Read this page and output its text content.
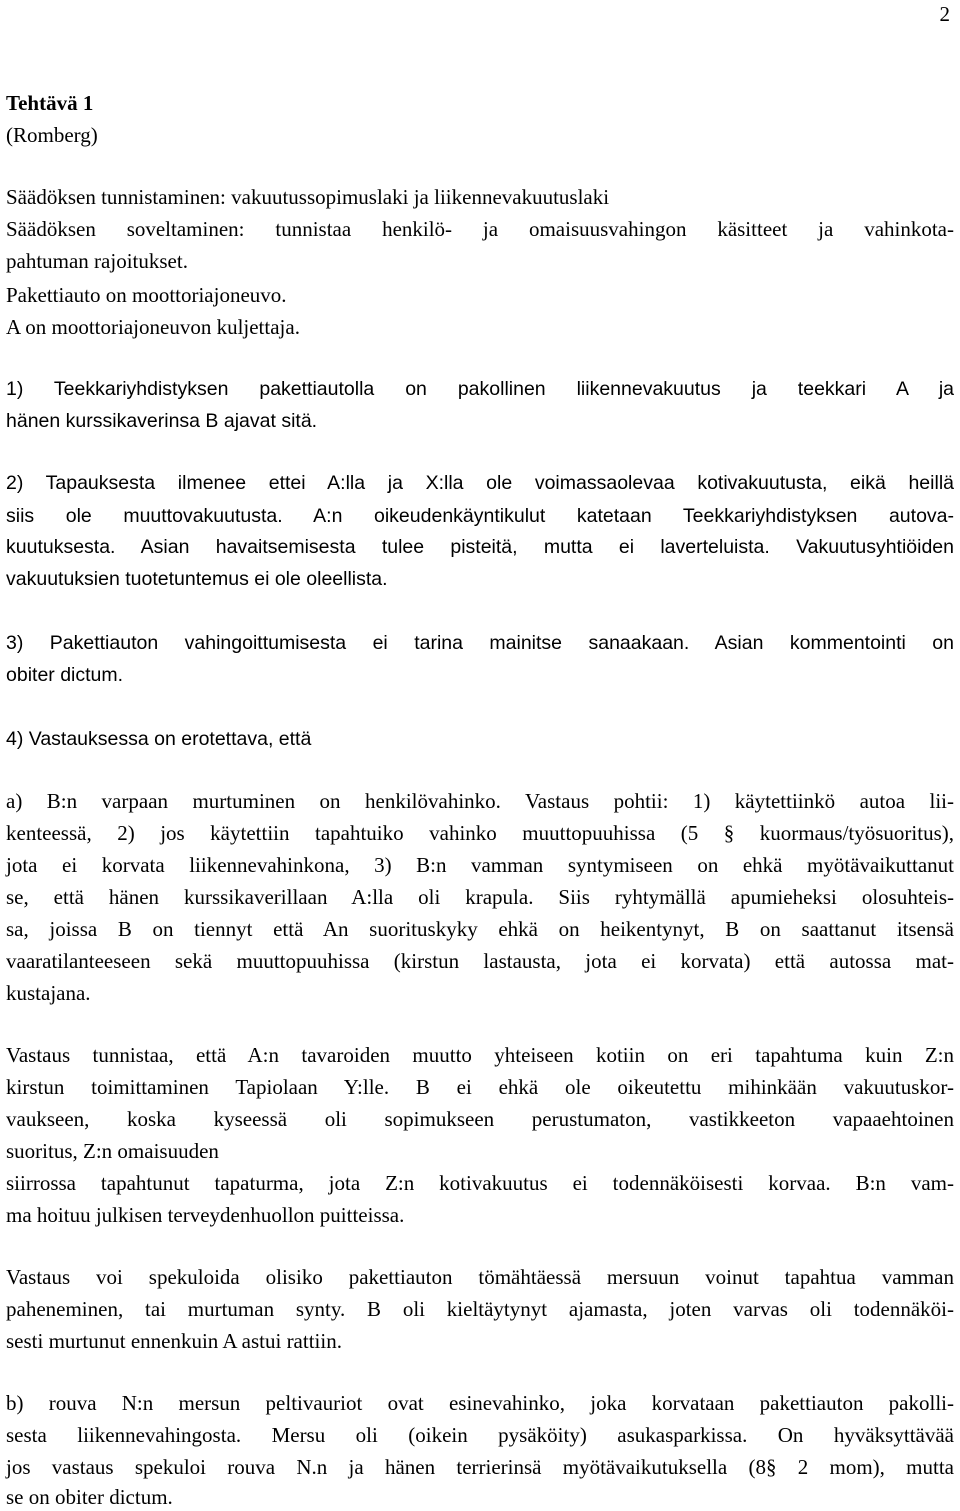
2
Tehtävä 1
(Romberg)
Säädöksen tunnistaminen: vakuutussopimuslaki ja liikennevakuutuslaki
Säädöksen soveltaminen: tunnistaa henkilö- ja omaisuusvahingon käsitteet ja vahinkota-
pahtuman rajoitukset.
Pakettiauto on moottoriajoneuvo.
A on moottoriajoneuvon kuljettaja.
1) Teekkariyhdistyksen pakettiautolla on pakollinen liikennevakuutus ja teekkari A ja
hänen kurssikaverinsa B ajavat sitä.
2) Tapauksesta ilmenee ettei A:lla ja X:lla ole voimassaolevaa kotivakuutusta, eikä heillä
siis ole muuttovakuutusta. A:n oikeudenkäyntikulut katetaan Teekkariyhdistyksen autova-
kuutuksesta. Asian havaitsemisesta tulee pisteitä, mutta ei laverteluista. Vakuutusyhtiöiden
vakuutuksien tuotetuntemus ei ole oleellista.
3) Pakettiauton vahingoittumisesta ei tarina mainitse sanaakaan. Asian kommentointi on
obiter dictum.
4) Vastauksessa on erotettava, että
a) B:n varpaan murtuminen on henkilövahinko. Vastaus pohtii: 1) käytettiinkö autoa lii-
kenteessä, 2) jos käytettiin tapahtuiko vahinko muuttopuuhissa (5 § kuormaus/työsuoritus),
jota ei korvata liikennevahinkona, 3) B:n vamman syntymiseen on ehkä myötävaikuttanut
se, että hänen kurssikaverillaan A:lla oli krapula. Siis ryhtymällä apumieheksi olosuhteis-
sa, joissa B on tiennyt että An suorituskyky ehkä on heikentynyt, B on saattanut itsensä
vaaratilanteeseen sekä muuttopuuhissa (kirstun lastausta, jota ei korvata) että autossa mat-
kustajana.
Vastaus tunnistaa, että A:n tavaroiden muutto yhteiseen kotiin on eri tapahtuma kuin Z:n
kirstun toimittaminen Tapiolaan Y:lle. B ei ehkä ole oikeutettu mihinkään vakuutuskor-
vaukseen, koska kyseessä oli sopimukseen perustumaton, vastikkeeton vapaaehtoinen
suoritus, Z:n omaisuuden
siirrossa tapahtunut tapaturma, jota Z:n kotivakuutus ei todennäköisesti korvaa. B:n vam-
ma hoituu julkisen terveydenhuollon puitteissa.
Vastaus voi spekuloida olisiko pakettiauton tömähtäessä mersuun voinut tapahtua vamman
paheneminen, tai murtuman synty. B oli kieltäytynyt ajamasta, joten varvas oli todennäköi-
sesti murtunut ennenkuin A astui rattiin.
b) rouva N:n mersun peltivauriot ovat esinevahinko, joka korvataan pakettiauton pakolli-
sesta liikennevahingosta. Mersu oli (oikein pysäköity) asukasparkissa. On hyväksyttävää
jos vastaus spekuloi rouva N.n ja hänen terrierinsä myötävaikutuksella (8§ 2 mom), mutta
se on obiter dictum.
